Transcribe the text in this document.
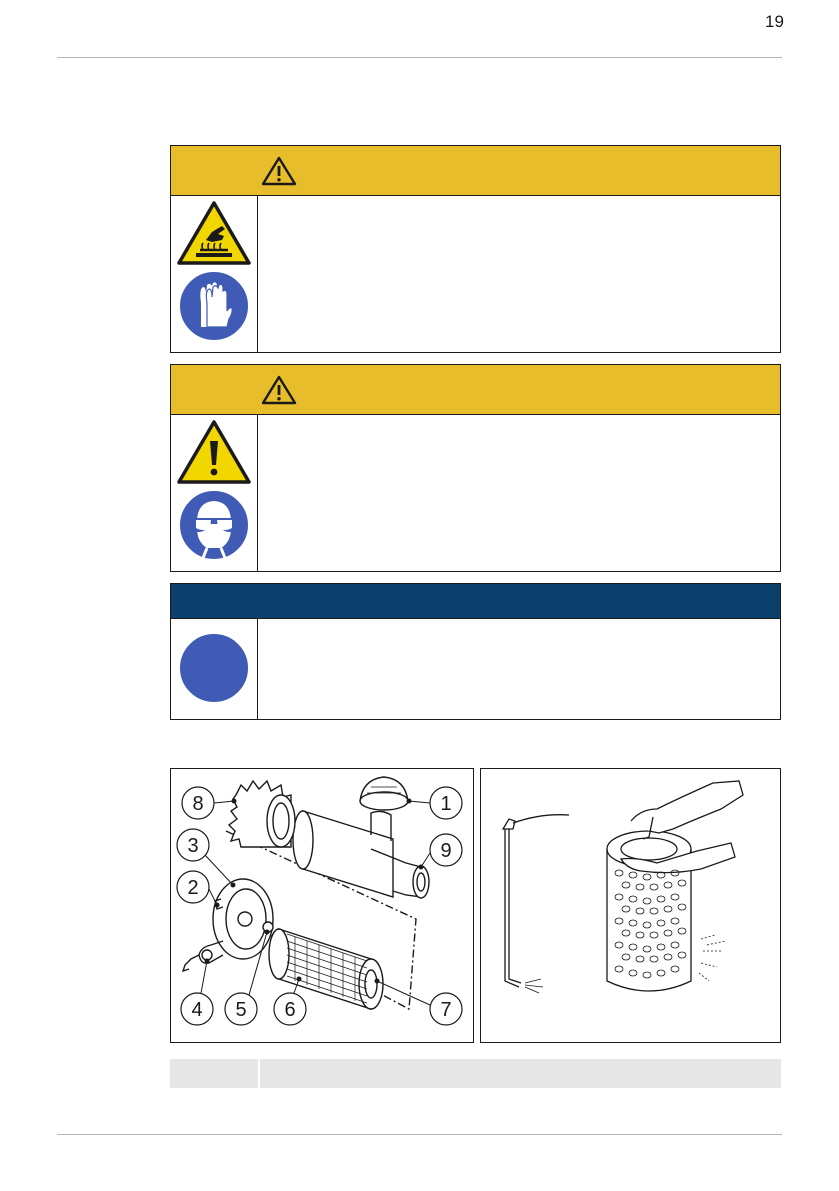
19
8	1
3	9
2
4 5 6	7
